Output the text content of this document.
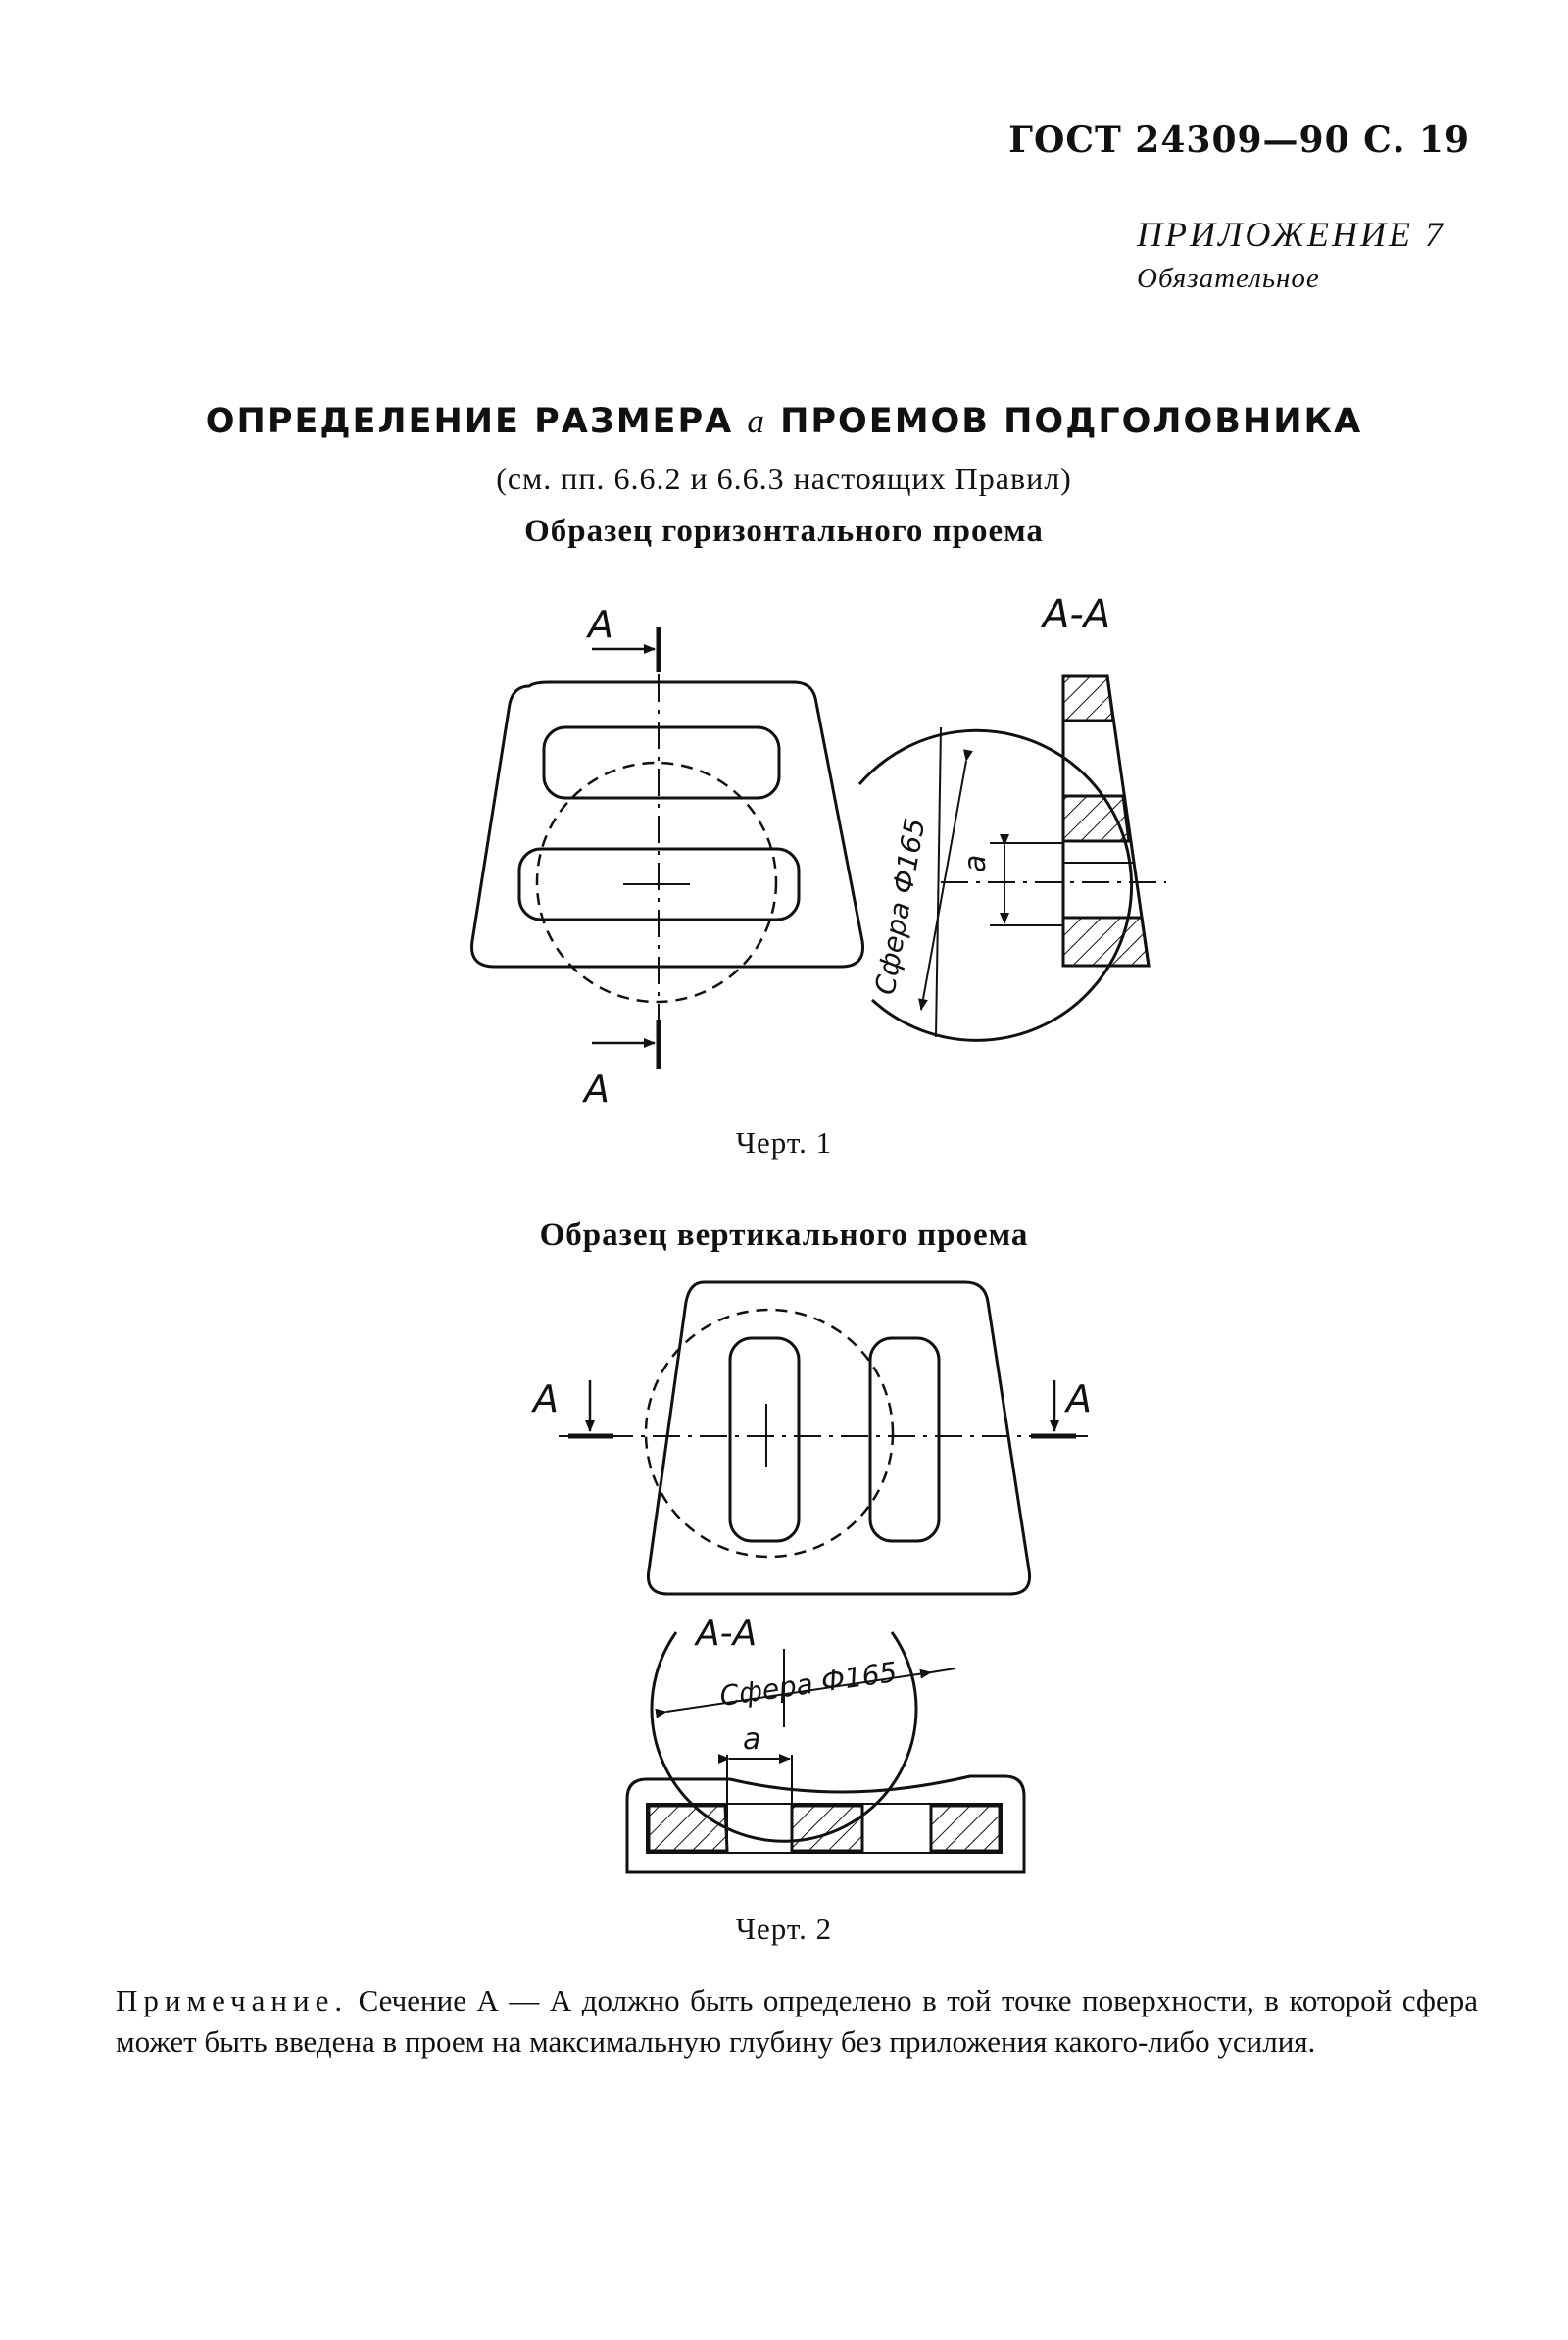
ГОСТ 24309—90 С. 19
ПРИЛОЖЕНИЕ 7
Обязательное
ОПРЕДЕЛЕНИЕ РАЗМЕРА a ПРОЕМОВ ПОДГОЛОВНИКА
(см. пп. 6.6.2 и 6.6.3 настоящих Правил)
Образец горизонтального проема
A
A
A-A
Сфера Ф165 a
A	A
A-A
Сфера Ф165
a
Черт. 1
Образец вертикального проема
Черт. 2
Примечание. Сечение А — А должно быть определено в той точке поверхности, в которой сфера может быть введена в проем на максимальную глубину без приложения какого-либо усилия.
